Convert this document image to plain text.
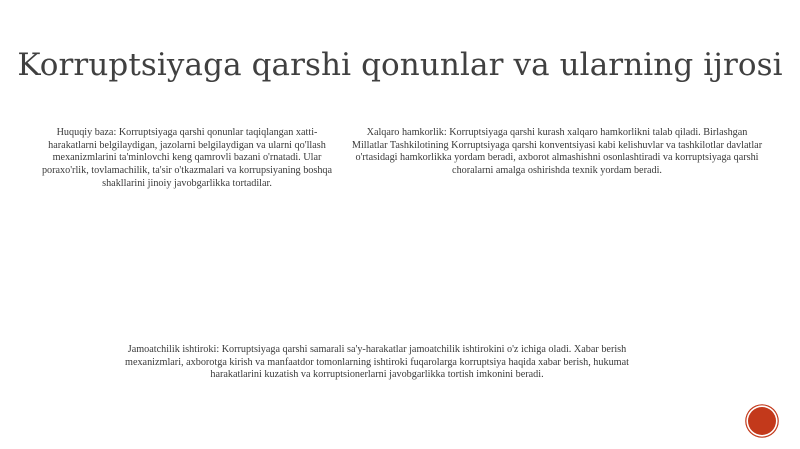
Korruptsiyaga qarshi qonunlar va ularning ijrosi

Huquqiy baza: Korruptsiyaga qarshi qonunlar taqiqlangan xatti-harakatlarni belgilaydigan, jazolarni belgilaydigan va ularni qo'llash mexanizmlarini ta'minlovchi keng qamrovli bazani o'rnatadi. Ular poraxo'rlik, tovlamachilik, ta'sir o'tkazmalari va korrupsiyaning boshqa shakllarini jinoiy javobgarlikka tortadilar.

Xalqaro hamkorlik: Korruptsiyaga qarshi kurash xalqaro hamkorlikni talab qiladi. Birlashgan Millatlar Tashkilotining Korruptsiyaga qarshi konventsiyasi kabi kelishuvlar va tashkilotlar davlatlar o'rtasidagi hamkorlikka yordam beradi, axborot almashishni osonlashtiradi va korruptsiyaga qarshi choralarni amalga oshirishda texnik yordam beradi.

Jamoatchilik ishtiroki: Korruptsiyaga qarshi samarali sa'y-harakatlar jamoatchilik ishtirokini o'z ichiga oladi. Xabar berish mexanizmlari, axborotga kirish va manfaatdor tomonlarning ishtiroki fuqarolarga korruptsiya haqida xabar berish, hukumat harakatlarini kuzatish va korruptsionerlarni javobgarlikka tortish imkonini beradi.
